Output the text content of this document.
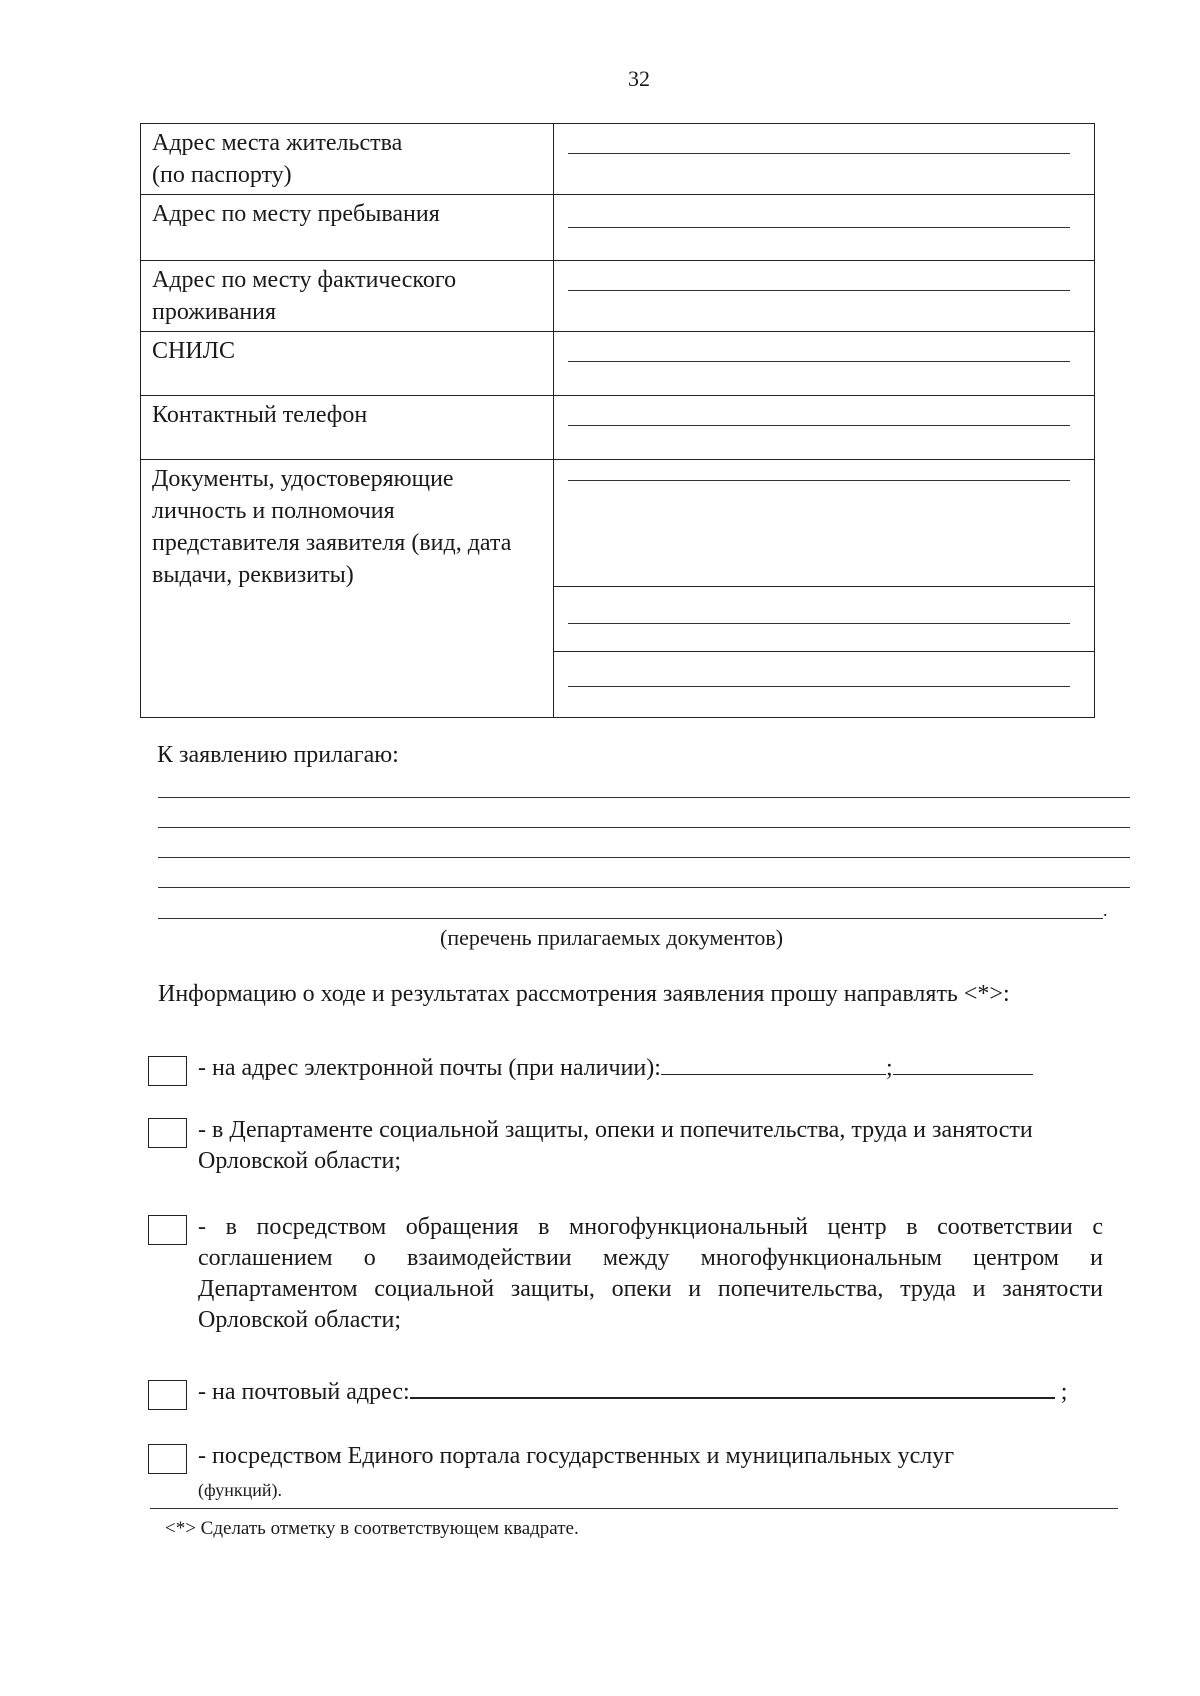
32
Адрес места жительства
(по паспорту)	

Адрес по месту пребывания	

Адрес по месту фактического проживания	

СНИЛС	

Контактный телефон	

Документы, удостоверяющие личность и полномочия представителя заявителя (вид, дата выдачи, реквизиты)	
К заявлению прилагаю:
.
(перечень прилагаемых документов)
Информацию о ходе и результатах рассмотрения заявления прошу направлять <*>:
- на адрес электронной почты (при наличии):	;
- в Департаменте социальной защиты, опеки и попечительства, труда и занятости Орловской области;
- в посредством обращения в многофункциональный центр в соответствии с соглашением о взаимодействии между многофункциональным центром и Департаментом социальной защиты, опеки и попечительства, труда и занятости Орловской области;
- на почтовый адрес:	;
- посредством Единого портала государственных и муниципальных услуг
(функций).
<*> Сделать отметку в соответствующем квадрате.
